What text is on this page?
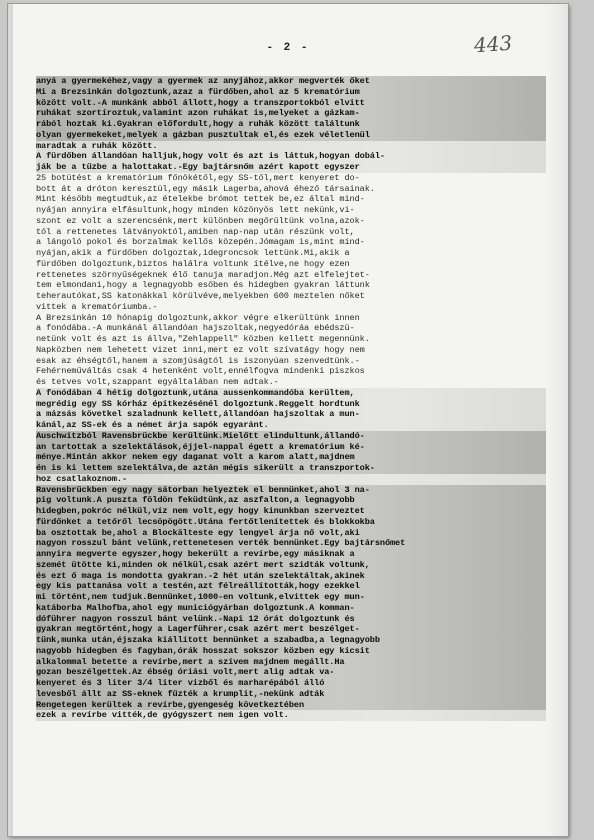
- 2 -	443
anyá a gyermekéhez,vagy a gyermek az anyjához,akkor megverték őket
Mi a Brezsinkán dolgoztunk,azaz a fürdőben,ahol az 5 krematórium
között volt.-A munkánk abból állott,hogy a transzportokból elvitt
ruhákat szortíroztuk,valamint azon ruhákat is,melyeket a gázkam-
rából hoztak ki.Gyakran előfordult,hogy a ruhák között találtunk
olyan gyermekeket,melyek a gázban pusztultak el,és ezek véletlenül
maradtak a ruhák között.
A fürdőben állandóan halljuk,hogy volt és azt is láttuk,hogyan dobál-
ják be a tűzbe a halottakat.-Egy bajtársnőm azért kapott egyszer
25 botütést a krematórium főnökétől,egy SS-től,mert kenyeret do-
bott át a dróton keresztül,egy másik Lagerba,ahová éhező társainak.
Mint később megtudtuk,az ételekbe brómot tettek be,ez által mind-
nyájan annyira elfásultunk,hogy minden közönyös lett nekünk,vi-
szont ez volt a szerencsénk,mert különben megőrültünk volna,azok-
tól a rettenetes látványoktól,amiben nap-nap után részünk volt,
a lángoló pokol és borzalmak kellős közepén.Jómagam is,mint mind-
nyájan,akik a fürdőben dolgoztak,idegroncsok lettünk.Mi,akik a
fürdőben dolgoztunk,biztos halálra voltunk ítélve,ne hogy ezen
rettenetes szörnyűségeknek élő tanuja maradjon.Még azt elfelejtet-
tem elmondani,hogy a legnagyobb esőben és hidegben gyakran láttunk
teherautókat,SS katonákkal körülvéve,melyekben 600 meztelen nőket
vittek a krematóriumba.-
A Brezsinkán 10 hónapig dolgoztunk,akkor végre elkerültünk innen
a fonódába.-A munkánál állandóan hajszoltak,negyedóráa ebédszü-
netünk volt és azt is állva,"Zehlappell" közben kellett megennünk.
Napközben nem lehetett vizet inni,mert ez volt szívatágy hogy nem
esak az éhségtől,hanem a szomjúságtól is iszonyúan szenvedtünk.-
Fehérneműváltás csak 4 hetenként volt,ennélfogva mindenki piszkos
és tetves volt,szappant egyáltalában nem adtak.-
A fonódában 4 hétig dolgoztunk,utána aussenkommandóba kerültem,
megrédig egy SS kórház építkezésénél dolgoztunk.Reggelt hordtunk
a mázsás követkel szaladnunk kellett,állandóan hajszoltak a mun-
kánál,az SS-ek és a német árja sapók egyaránt.
Auschwitzból Ravensbrückbe kerültünk.Mielőtt elindultunk,állandó-
an tartottak a szelektálások,éjjel-nappal égett a krematórium ké-
ménye.Mintán akkor nekem egy daganat volt a karom alatt,majdnem
én is ki lettem szelektálva,de aztán mégis sikerült a transzportok-
hoz csatlakoznom.-
Ravensbrückben egy nagy sátorban helyeztek el bennünket,ahol 3 na-
pig voltunk.A puszta földön feküdtünk,az aszfalton,a legnagyobb
hidegben,pokróc nélkül,víz nem volt,egy hogy kinunkban szerveztet
fürdőnket a tetőről lecsöpögött.Utána fertőtlenítettek és blokkokba
ba osztottak be,ahol a Blockälteste egy lengyel árja nő volt,aki
nagyon rosszul bánt velünk,rettenetesen verték bennünket.Egy bajtársnőmet
annyira megverte egyszer,hogy bekerült a revírbe,egy másiknak a
szemét ütötte ki,minden ok nélkül,csak azért mert szidták voltunk,
és ezt ő maga is mondotta gyakran.-2 hét után szelektáltak,akinek
egy kis pattanása volt a testén,azt félreállították,hogy ezekkel
mi történt,nem tudjuk.Bennünket,1000-en voltunk,elvittek egy mun-
katáborba Malhofba,ahol egy municiógyárban dolgoztunk.A komman-
dóführer nagyon rosszul bánt velünk.-Napi 12 órát dolgoztunk és
gyakran megtörtént,hogy a Lagerführer,csak azért mert beszélget-
tünk,munka után,éjszaka kiállított bennünket a szabadba,a legnagyobb
nagyobb hidegben és fagyban,órák hosszat sokszor közben egy kicsit
alkalommal betette a revírbe,mert a szívem majdnem megállt.Ha
gozan beszélgettek.Az ébség óriási volt,mert alig adtak va-
kenyeret és 3 liter 3/4 liter vizből és marharépából álló
levesből állt az SS-eknek fűzték a krumplit,-nekünk adták
Rengetegen kerültek a revírbe,gyengeség következtében
ezek a revírbe vitték,de gyógyszert nem igen volt.
